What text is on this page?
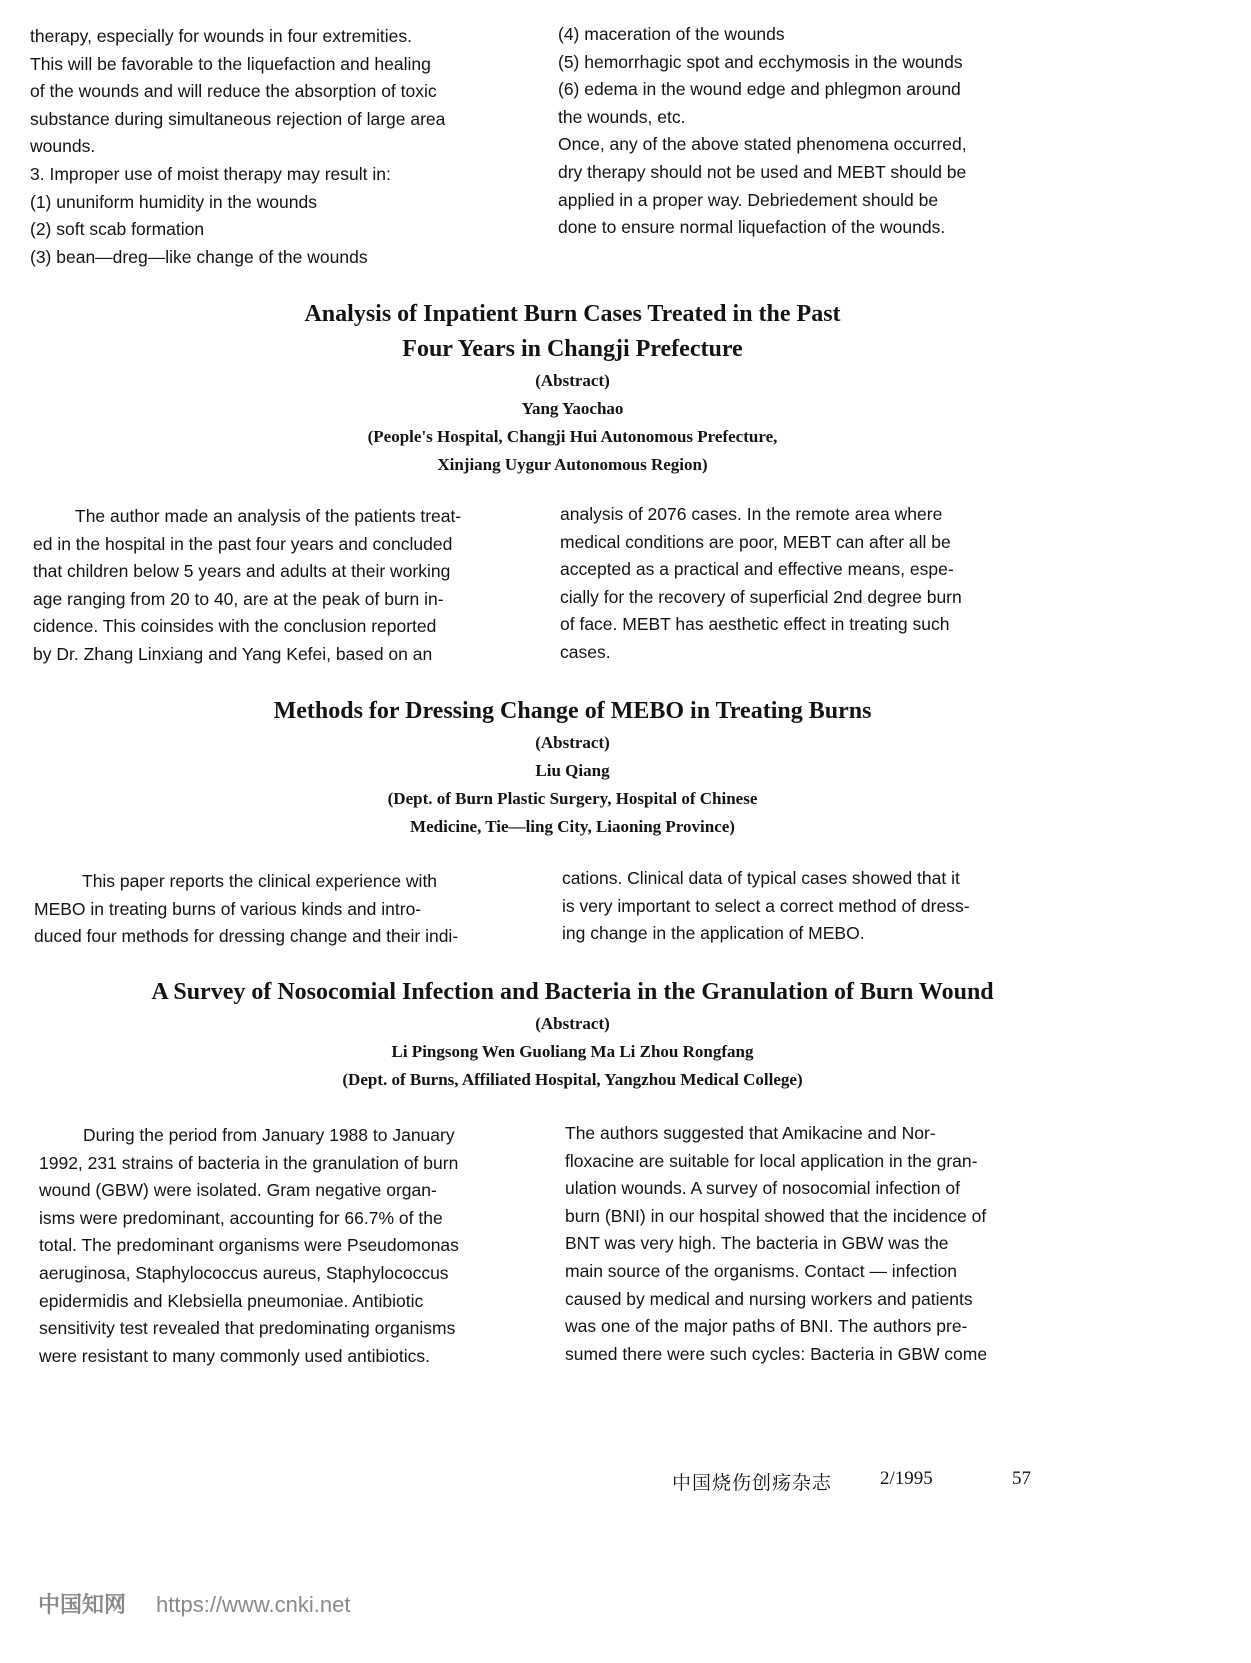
therapy, especially for wounds in four extremities.
This will be favorable to the liquefaction and healing
of the wounds and will reduce the absorption of toxic
substance during simultaneous rejection of large area
wounds.
3. Improper use of moist therapy may result in:
(1) ununiform humidity in the wounds
(2) soft scab formation
(3) bean—dreg—like change of the wounds
(4) maceration of the wounds
(5) hemorrhagic spot and ecchymosis in the wounds
(6) edema in the wound edge and phlegmon around
the wounds, etc.
Once, any of the above stated phenomena occurred,
dry therapy should not be used and MEBT should be
applied in a proper way. Debriedement should be
done to ensure normal liquefaction of the wounds.
Analysis of Inpatient Burn Cases Treated in the Past
Four Years in Changji Prefecture
(Abstract)
Yang Yaochao
(People's Hospital, Changji Hui Autonomous Prefecture,
Xinjiang Uygur Autonomous Region)
The author made an analysis of the patients treat-
ed in the hospital in the past four years and concluded
that children below 5 years and adults at their working
age ranging from 20 to 40, are at the peak of burn in-
cidence. This coinsides with the conclusion reported
by Dr. Zhang Linxiang and Yang Kefei, based on an
analysis of 2076 cases. In the remote area where
medical conditions are poor, MEBT can after all be
accepted as a practical and effective means, espe-
cially for the recovery of superficial 2nd degree burn
of face. MEBT has aesthetic effect in treating such
cases.
Methods for Dressing Change of MEBO in Treating Burns
(Abstract)
Liu Qiang
(Dept. of Burn Plastic Surgery, Hospital of Chinese
Medicine, Tie—ling City, Liaoning Province)
This paper reports the clinical experience with
MEBO in treating burns of various kinds and intro-
duced four methods for dressing change and their indi-
cations. Clinical data of typical cases showed that it
is very important to select a correct method of dress-
ing change in the application of MEBO.
A Survey of Nosocomial Infection and Bacteria in the Granulation of Burn Wound
(Abstract)
Li Pingsong Wen Guoliang Ma Li Zhou Rongfang
(Dept. of Burns, Affiliated Hospital, Yangzhou Medical College)
During the period from January 1988 to January
1992, 231 strains of bacteria in the granulation of burn
wound (GBW) were isolated. Gram negative organ-
isms were predominant, accounting for 66.7% of the
total. The predominant organisms were Pseudomonas
aeruginosa, Staphylococcus aureus, Staphylococcus
epidermidis and Klebsiella pneumoniae. Antibiotic
sensitivity test revealed that predominating organisms
were resistant to many commonly used antibiotics.
The authors suggested that Amikacine and Nor-
floxacine are suitable for local application in the gran-
ulation wounds. A survey of nosocomial infection of
burn (BNI) in our hospital showed that the incidence of
BNT was very high. The bacteria in GBW was the
main source of the organisms. Contact — infection
caused by medical and nursing workers and patients
was one of the major paths of BNI. The authors pre-
sumed there were such cycles: Bacteria in GBW come
中国烧伤创疡杂志	2/1995	57
中国知网 https://www.cnki.net
